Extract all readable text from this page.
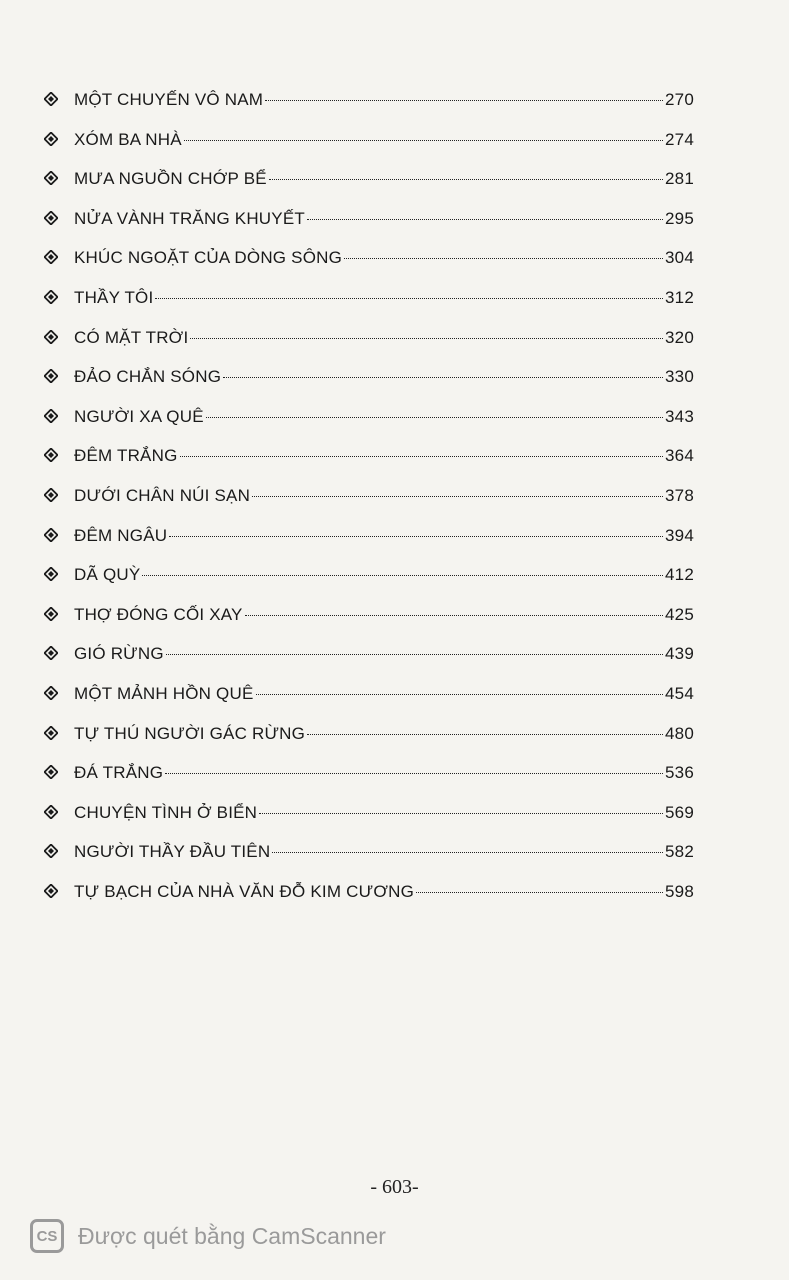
MỘT CHUYẾN VÔ NAM	270
XÓM BA NHÀ	274
MƯA NGUỒN CHỚP BỂ	281
NỬA VÀNH TRĂNG KHUYẾT	295
KHÚC NGOẶT CỦA DÒNG SÔNG	304
THẦY TÔI	312
CÓ MẶT TRỜI	320
ĐẢO CHẮN SÓNG	330
NGƯỜI XA QUÊ	343
ĐÊM TRẮNG	364
DƯỚI CHÂN NÚI SẠN	378
ĐÊM NGÂU	394
DÃ QUỲ	412
THỢ ĐÓNG CỐI XAY	425
GIÓ RỪNG	439
MỘT MẢNH HỒN QUÊ	454
TỰ THÚ NGƯỜI GÁC RỪNG	480
ĐÁ TRẮNG	536
CHUYỆN TÌNH Ở BIỂN	569
NGƯỜI THẦY ĐẦU TIÊN	582
TỰ BẠCH CỦA NHÀ VĂN ĐỖ KIM CƯƠNG	598
- 603-
CS Được quét bằng CamScanner
